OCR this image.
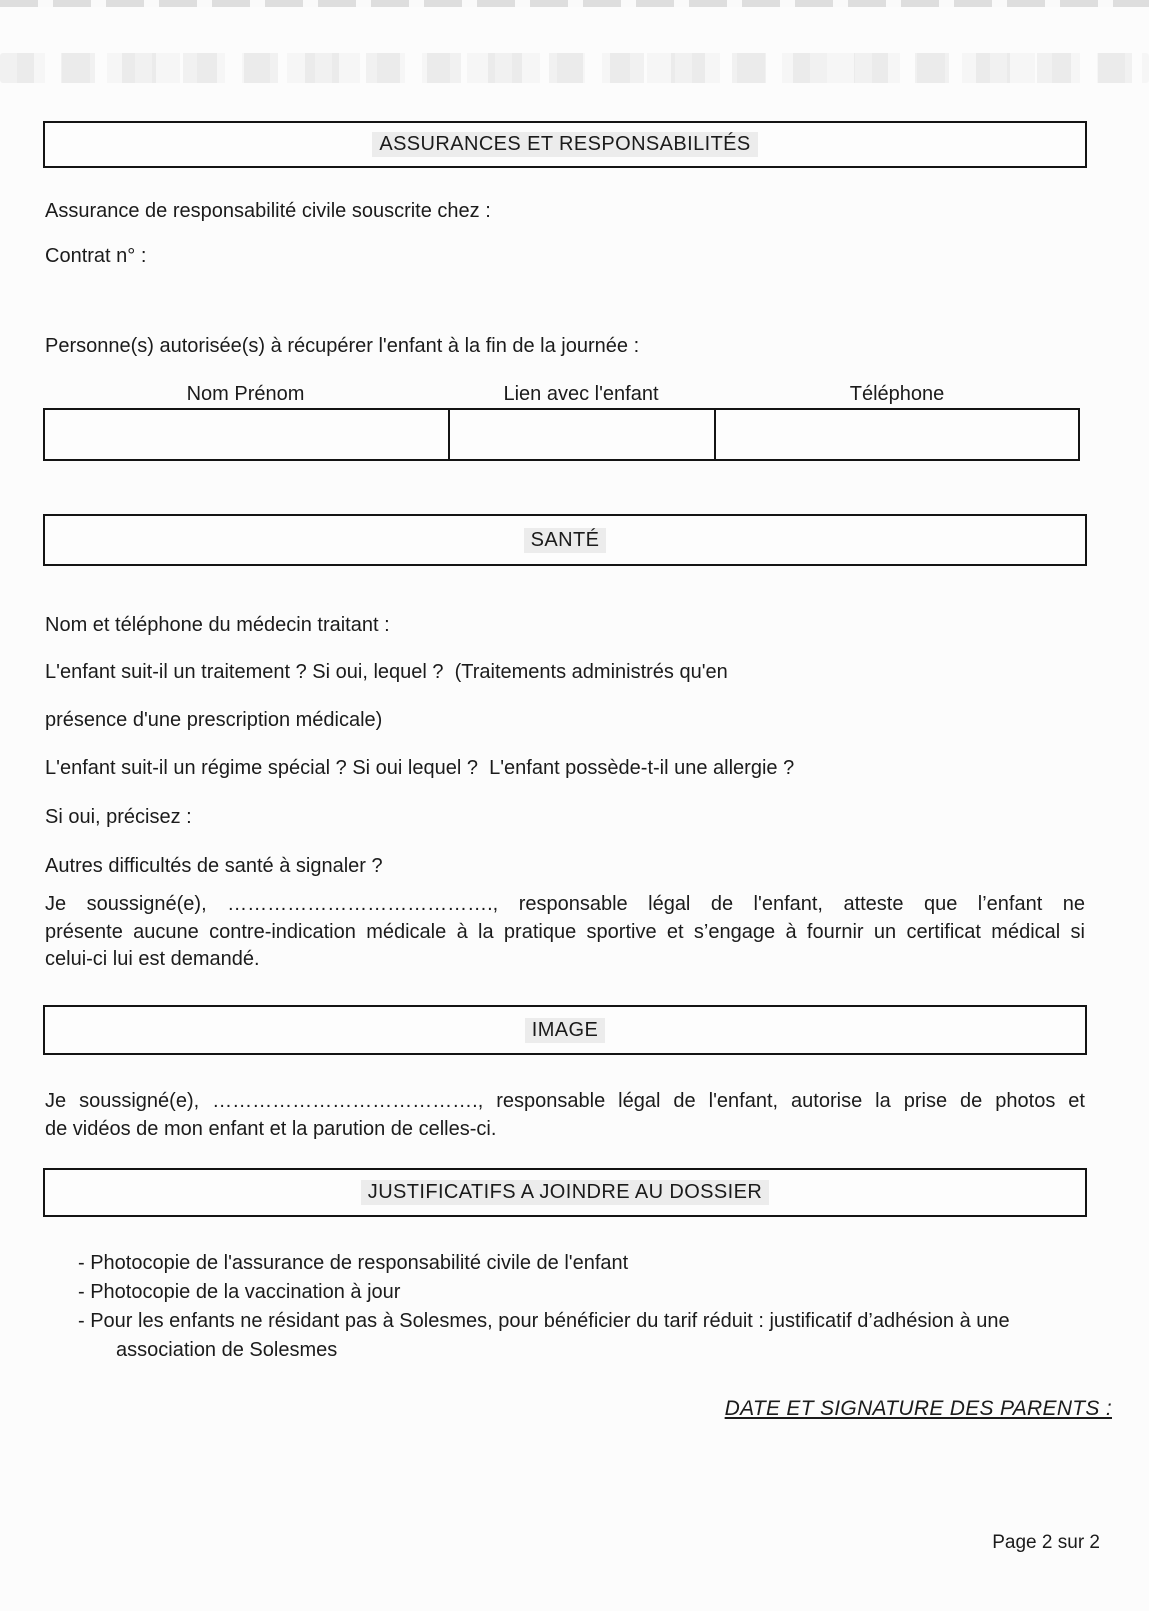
ASSURANCES ET RESPONSABILITÉS
Assurance de responsabilité civile souscrite chez :
Contrat n° :
Personne(s) autorisée(s) à récupérer l'enfant à la fin de la journée :
Nom Prénom	Lien avec l'enfant	Téléphone
SANTÉ
Nom et téléphone du médecin traitant :
L'enfant suit-il un traitement ? Si oui, lequel ?  (Traitements administrés qu'en
présence d'une prescription médicale)
L'enfant suit-il un régime spécial ? Si oui lequel ?  L'enfant possède-t-il une allergie ?
Si oui, précisez :
Autres difficultés de santé à signaler ?
Je soussigné(e), …………………………………., responsable légal de l'enfant, atteste que l’enfant ne
présente aucune contre-indication médicale à la pratique sportive et s’engage à fournir un certificat médical si
celui-ci lui est demandé.
IMAGE
Je soussigné(e), …………………………………., responsable légal de l'enfant, autorise la prise de photos et
de vidéos de mon enfant et la parution de celles-ci.
JUSTIFICATIFS A JOINDRE AU DOSSIER
- Photocopie de l'assurance de responsabilité civile de l'enfant
- Photocopie de la vaccination à jour
- Pour les enfants ne résidant pas à Solesmes, pour bénéficier du tarif réduit : justificatif d’adhésion à une
association de Solesmes
DATE ET SIGNATURE DES PARENTS :
Page 2 sur 2
